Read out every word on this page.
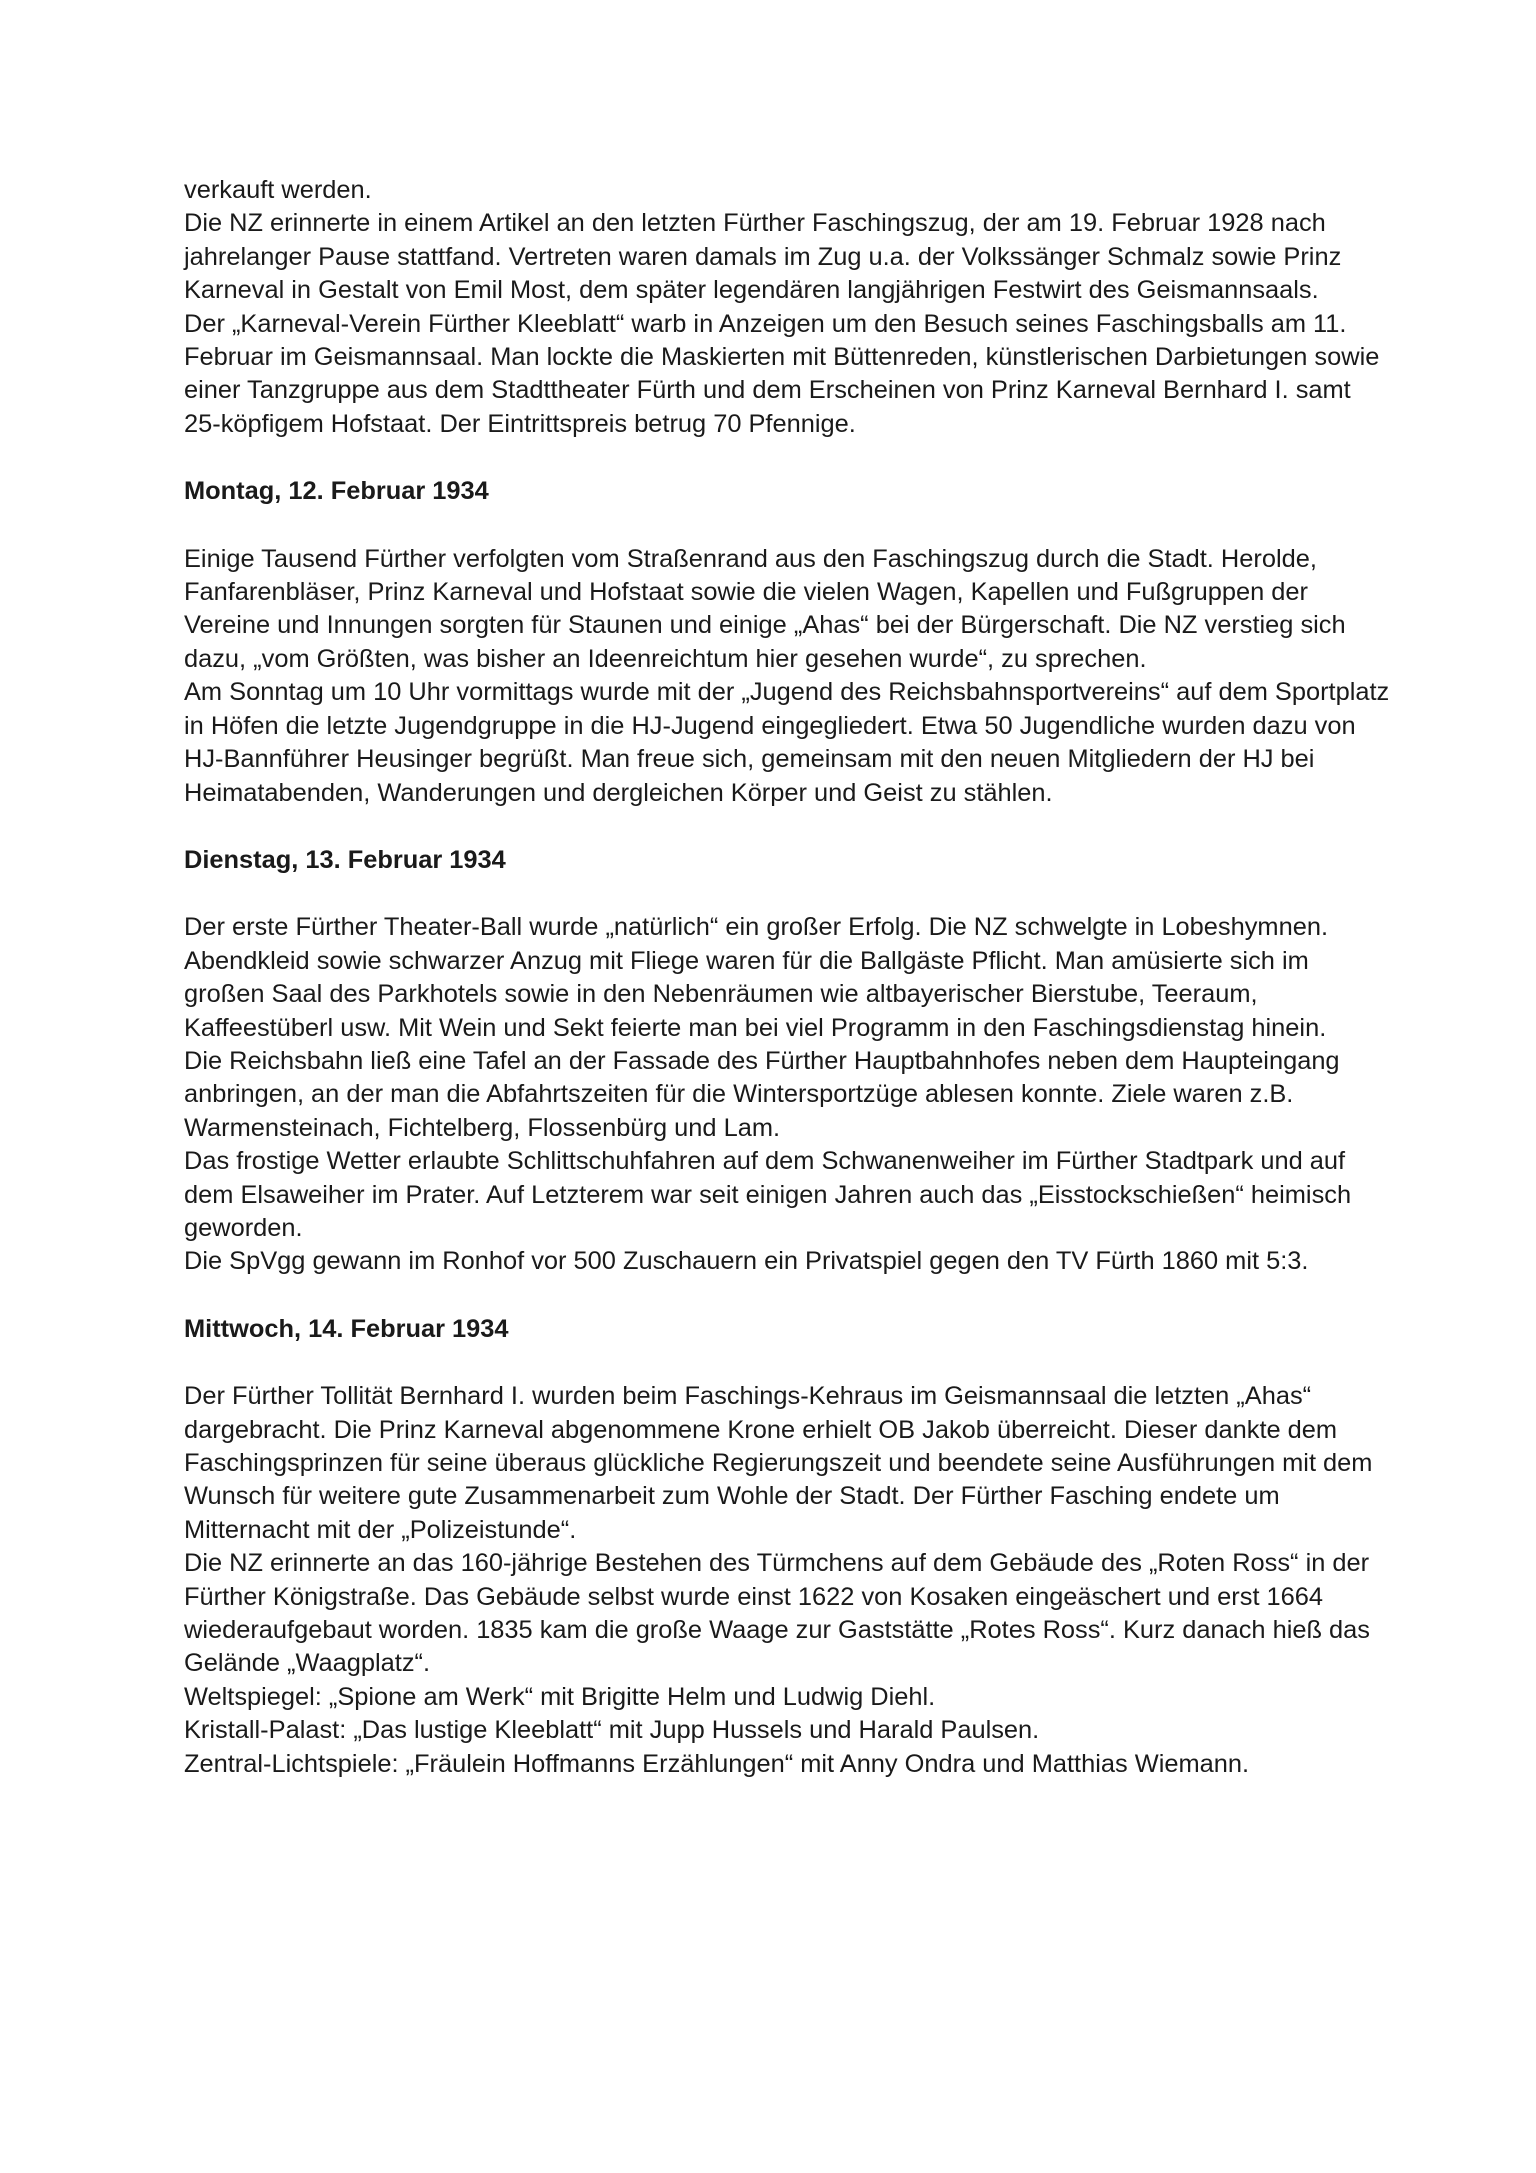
verkauft werden.

Die NZ erinnerte in einem Artikel an den letzten Fürther Faschingszug, der am 19. Februar 1928 nach jahrelanger Pause stattfand. Vertreten waren damals im Zug u.a. der Volkssänger Schmalz sowie Prinz Karneval in Gestalt von Emil Most, dem später legendären langjährigen Festwirt des Geismannsaals.

Der „Karneval-Verein Fürther Kleeblatt“ warb in Anzeigen um den Besuch seines Faschingsballs am 11. Februar im Geismannsaal. Man lockte die Maskierten mit Büttenreden, künstlerischen Darbietungen sowie einer Tanzgruppe aus dem Stadttheater Fürth und dem Erscheinen von Prinz Karneval Bernhard I. samt 25-köpfigem Hofstaat. Der Eintrittspreis betrug 70 Pfennige.

Montag, 12. Februar 1934

Einige Tausend Fürther verfolgten vom Straßenrand aus den Faschingszug durch die Stadt. Herolde, Fanfarenbläser, Prinz Karneval und Hofstaat sowie die vielen Wagen, Kapellen und Fußgruppen der Vereine und Innungen sorgten für Staunen und einige „Ahas“ bei der Bürgerschaft. Die NZ verstieg sich dazu, „vom Größten, was bisher an Ideenreichtum hier gesehen wurde“, zu sprechen.

Am Sonntag um 10 Uhr vormittags wurde mit der „Jugend des Reichsbahnsportvereins“ auf dem Sportplatz in Höfen die letzte Jugendgruppe in die HJ-Jugend eingegliedert. Etwa 50 Jugendliche wurden dazu von HJ-Bannführer Heusinger begrüßt. Man freue sich, gemeinsam mit den neuen Mitgliedern der HJ bei Heimatabenden, Wanderungen und dergleichen Körper und Geist zu stählen.

Dienstag, 13. Februar 1934

Der erste Fürther Theater-Ball wurde „natürlich“ ein großer Erfolg. Die NZ schwelgte in Lobeshymnen. Abendkleid sowie schwarzer Anzug mit Fliege waren für die Ballgäste Pflicht. Man amüsierte sich im großen Saal des Parkhotels sowie in den Nebenräumen wie altbayerischer Bierstube, Teeraum, Kaffeestüberl usw. Mit Wein und Sekt feierte man bei viel Programm in den Faschingsdienstag hinein.

Die Reichsbahn ließ eine Tafel an der Fassade des Fürther Hauptbahnhofes neben dem Haupteingang anbringen, an der man die Abfahrtszeiten für die Wintersportzüge ablesen konnte. Ziele waren z.B. Warmensteinach, Fichtelberg, Flossenbürg und Lam.

Das frostige Wetter erlaubte Schlittschuhfahren auf dem Schwanenweiher im Fürther Stadtpark und auf dem Elsaweiher im Prater. Auf Letzterem war seit einigen Jahren auch das „Eisstockschießen“ heimisch geworden.

Die SpVgg gewann im Ronhof vor 500 Zuschauern ein Privatspiel gegen den TV Fürth 1860 mit 5:3.

Mittwoch, 14. Februar 1934

Der Fürther Tollität Bernhard I. wurden beim Faschings-Kehraus im Geismannsaal die letzten „Ahas“ dargebracht. Die Prinz Karneval abgenommene Krone erhielt OB Jakob überreicht. Dieser dankte dem Faschingsprinzen für seine überaus glückliche Regierungszeit und beendete seine Ausführungen mit dem Wunsch für weitere gute Zusammenarbeit zum Wohle der Stadt. Der Fürther Fasching endete um Mitternacht mit der „Polizeistunde“.

Die NZ erinnerte an das 160-jährige Bestehen des Türmchens auf dem Gebäude des „Roten Ross“ in der Fürther Königstraße. Das Gebäude selbst wurde einst 1622 von Kosaken eingeäschert und erst 1664 wiederaufgebaut worden. 1835 kam die große Waage zur Gaststätte „Rotes Ross“. Kurz danach hieß das Gelände „Waagplatz“.

Weltspiegel: „Spione am Werk“ mit Brigitte Helm und Ludwig Diehl.

Kristall-Palast: „Das lustige Kleeblatt“ mit Jupp Hussels und Harald Paulsen.

Zentral-Lichtspiele: „Fräulein Hoffmanns Erzählungen“ mit Anny Ondra und Matthias Wiemann.
